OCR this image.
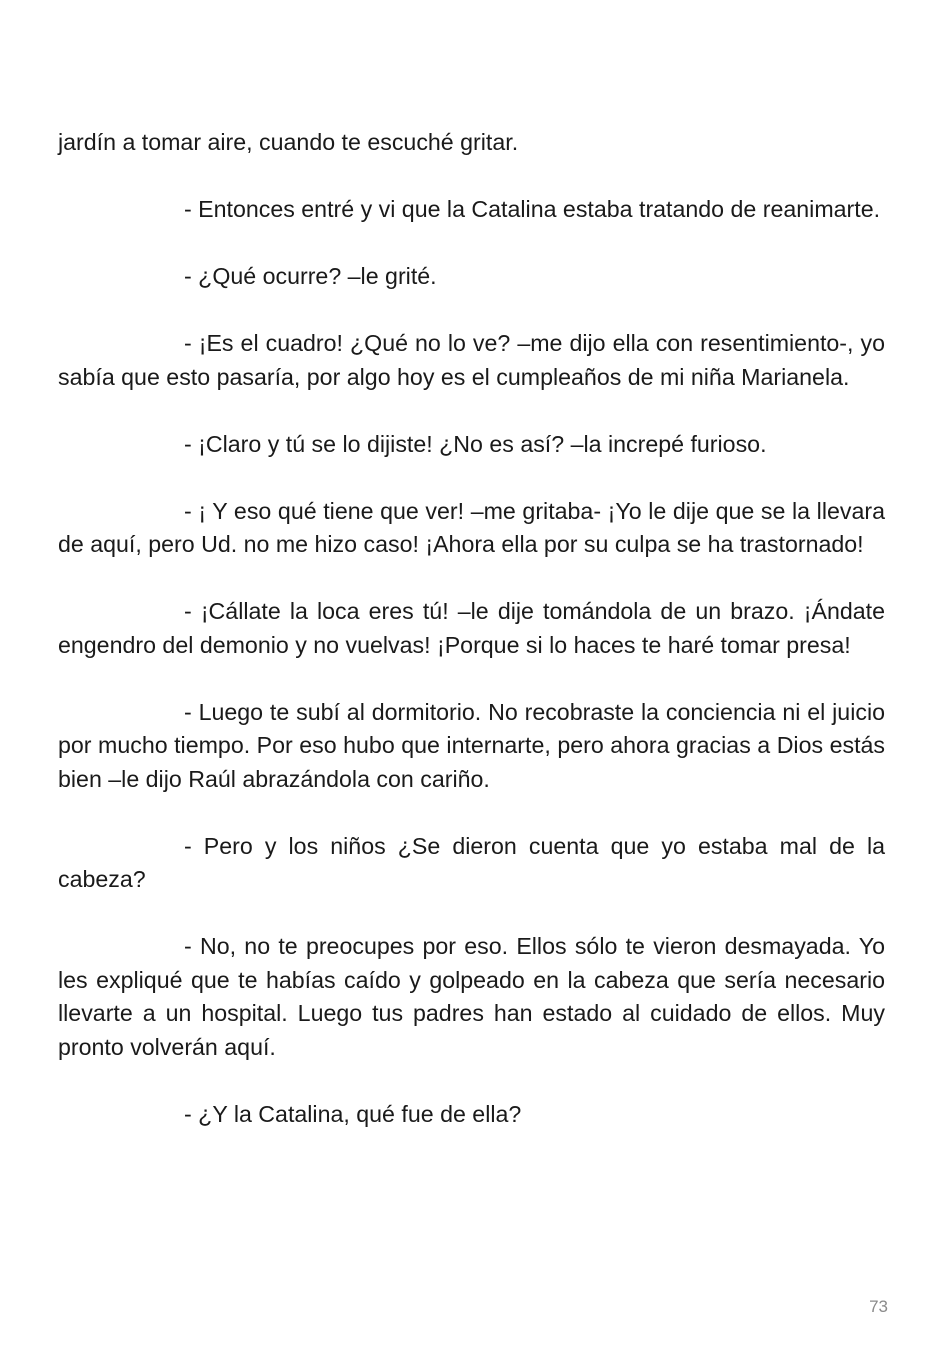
jardín a tomar aire, cuando te escuché gritar.

- Entonces entré y vi que la Catalina estaba tratando de reanimarte.

- ¿Qué ocurre? –le grité.

- ¡Es el cuadro! ¿Qué no lo ve? –me dijo ella con resentimiento-, yo sabía que esto pasaría, por algo hoy es el cumpleaños de mi niña Marianela.

- ¡Claro y tú se lo dijiste! ¿No es así? –la increpé furioso.

- ¡ Y eso qué tiene que ver! –me gritaba- ¡Yo le dije que se la llevara de aquí, pero Ud. no me hizo caso! ¡Ahora ella por su culpa se ha trastornado!

- ¡Cállate la loca eres tú! –le dije tomándola de un brazo. ¡Ándate engendro del demonio y no vuelvas! ¡Porque si lo haces te haré tomar presa!

- Luego te subí al dormitorio. No recobraste la conciencia ni el juicio por mucho tiempo. Por eso hubo que internarte, pero ahora gracias a Dios estás bien –le dijo Raúl abrazándola con cariño.

- Pero y los niños ¿Se dieron cuenta que yo estaba mal de la cabeza?

- No, no te preocupes por eso. Ellos sólo te vieron desmayada. Yo les expliqué que te habías caído y golpeado en la cabeza que sería necesario llevarte a un hospital. Luego tus padres han estado al cuidado de ellos. Muy pronto volverán aquí.

- ¿Y la Catalina, qué fue de ella?

73
